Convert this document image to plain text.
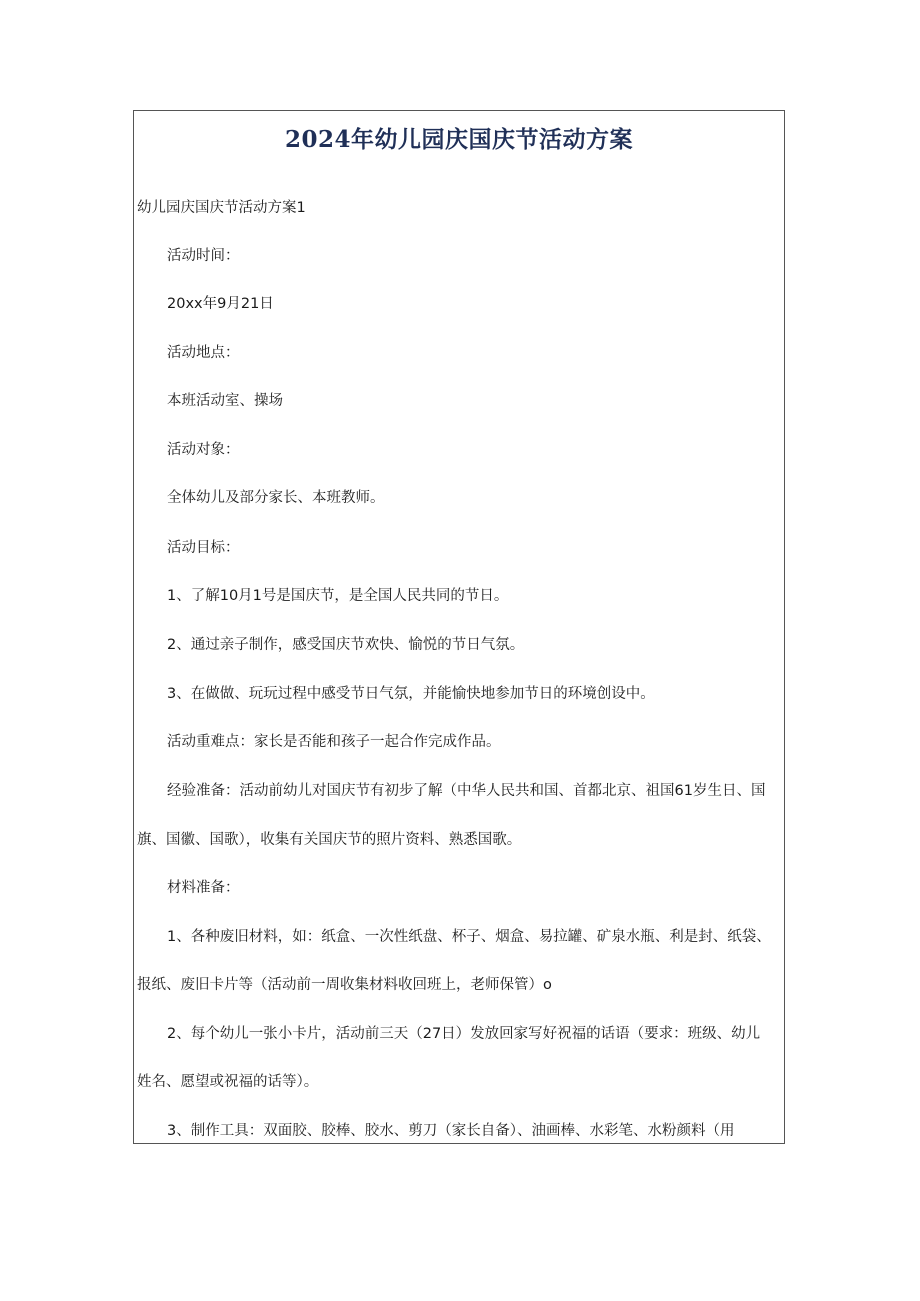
2024年幼儿园庆国庆节活动方案

幼儿园庆国庆节活动方案1

活动时间：

20xx年9月21日

活动地点：

本班活动室、操场

活动对象：

全体幼儿及部分家长、本班教师。

活动目标：

1、了解10月1号是国庆节，是全国人民共同的节日。

2、通过亲子制作，感受国庆节欢快、愉悦的节日气氛。

3、在做做、玩玩过程中感受节日气氛，并能愉快地参加节日的环境创设中。

活动重难点：家长是否能和孩子一起合作完成作品。

经验准备：活动前幼儿对国庆节有初步了解（中华人民共和国、首都北京、祖国61岁生日、国

旗、国徽、国歌），收集有关国庆节的照片资料、熟悉国歌。

材料准备：

1、各种废旧材料，如：纸盒、一次性纸盘、杯子、烟盒、易拉罐、矿泉水瓶、利是封、纸袋、

报纸、废旧卡片等（活动前一周收集材料收回班上，老师保管）o

2、每个幼儿一张小卡片，活动前三天（27日）发放回家写好祝福的话语（要求：班级、幼儿

姓名、愿望或祝福的话等）。

3、制作工具：双面胶、胶棒、胶水、剪刀（家长自备）、油画棒、水彩笔、水粉颜料（用
